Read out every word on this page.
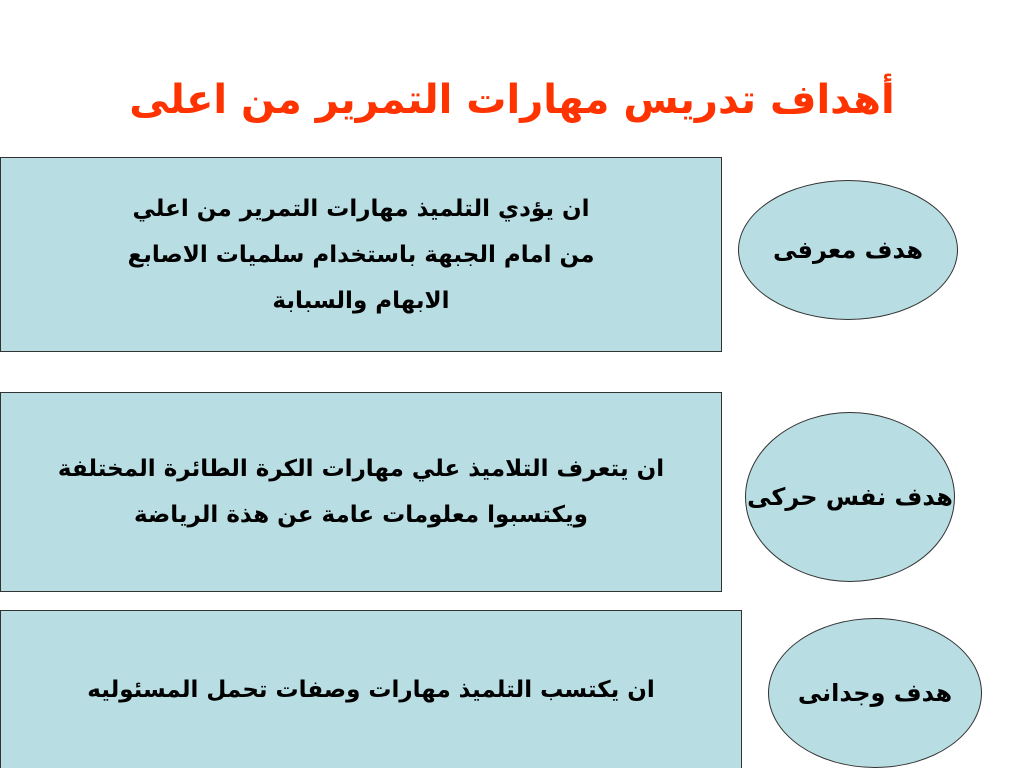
أهداف تدريس مهارات التمرير من اعلى
ان يؤدي التلميذ مهارات التمرير من اعلي
من امام الجبهة باستخدام سلميات الاصابع
الابهام والسبابة
هدف معرفى
ان يتعرف التلاميذ علي مهارات الكرة الطائرة المختلفة
ويكتسبوا معلومات عامة عن هذة الرياضة
هدف نفس حركى
ان يكتسب التلميذ مهارات وصفات تحمل المسئوليه	هدف وجدانى
